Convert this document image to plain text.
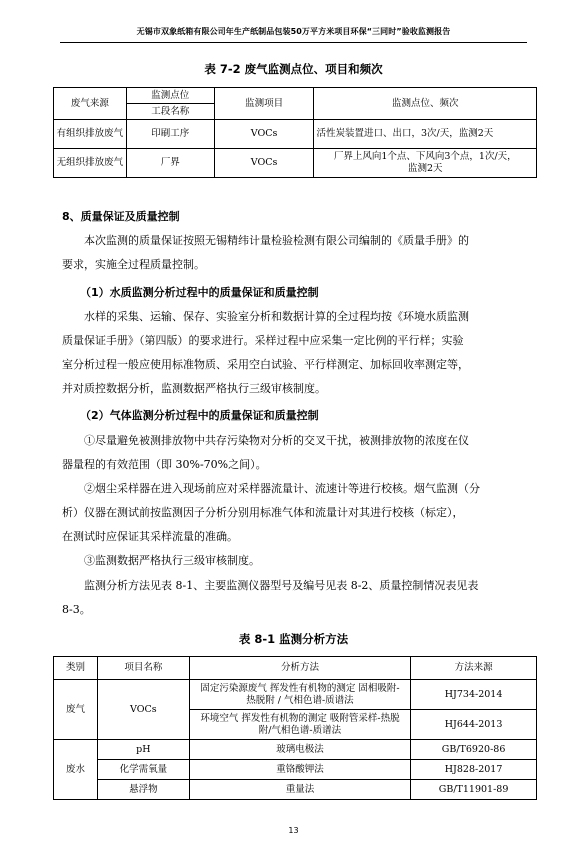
无锡市双象纸箱有限公司年生产纸制品包装50万平方米项目环保“三同时”验收监测报告
表 7-2 废气监测点位、项目和频次
废气来源	监测点位	监测项目	监测点位、频次
	工段名称		
有组织排放废气	印刷工序	VOCs	活性炭装置进口、出口，3次/天，监测2天
无组织排放废气	厂界	VOCs	厂界上风向1个点、下风向3个点，1次/天，
监测2天
8、质量保证及质量控制
本次监测的质量保证按照无锡精纬计量检验检测有限公司编制的《质量手册》的
要求，实施全过程质量控制。
（1）水质监测分析过程中的质量保证和质量控制
水样的采集、运输、保存、实验室分析和数据计算的全过程均按《环境水质监测
质量保证手册》（第四版）的要求进行。采样过程中应采集一定比例的平行样；实验
室分析过程一般应使用标准物质、采用空白试验、平行样测定、加标回收率测定等，
并对质控数据分析，监测数据严格执行三级审核制度。
（2）气体监测分析过程中的质量保证和质量控制
①尽量避免被测排放物中共存污染物对分析的交叉干扰，被测排放物的浓度在仪
器量程的有效范围（即 30%-70%之间）。
②烟尘采样器在进入现场前应对采样器流量计、流速计等进行校核。烟气监测（分
析）仪器在测试前按监测因子分析分别用标准气体和流量计对其进行校核（标定），
在测试时应保证其采样流量的准确。
③监测数据严格执行三级审核制度。
监测分析方法见表 8-1、主要监测仪器型号及编号见表 8-2、质量控制情况表见表
8-3。
表 8-1 监测分析方法
类别	项目名称	分析方法	方法来源
废气	VOCs	固定污染源废气 挥发性有机物的测定 固相吸附-
热脱附 / 气相色谱-质谱法	HJ734-2014
		环境空气 挥发性有机物的测定 吸附管采样-热脱
附/气相色谱-质谱法	HJ644-2013
废水	pH	玻璃电极法	GB/T6920-86
	化学需氧量	重铬酸钾法	HJ828-2017
	悬浮物	重量法	GB/T11901-89
13
